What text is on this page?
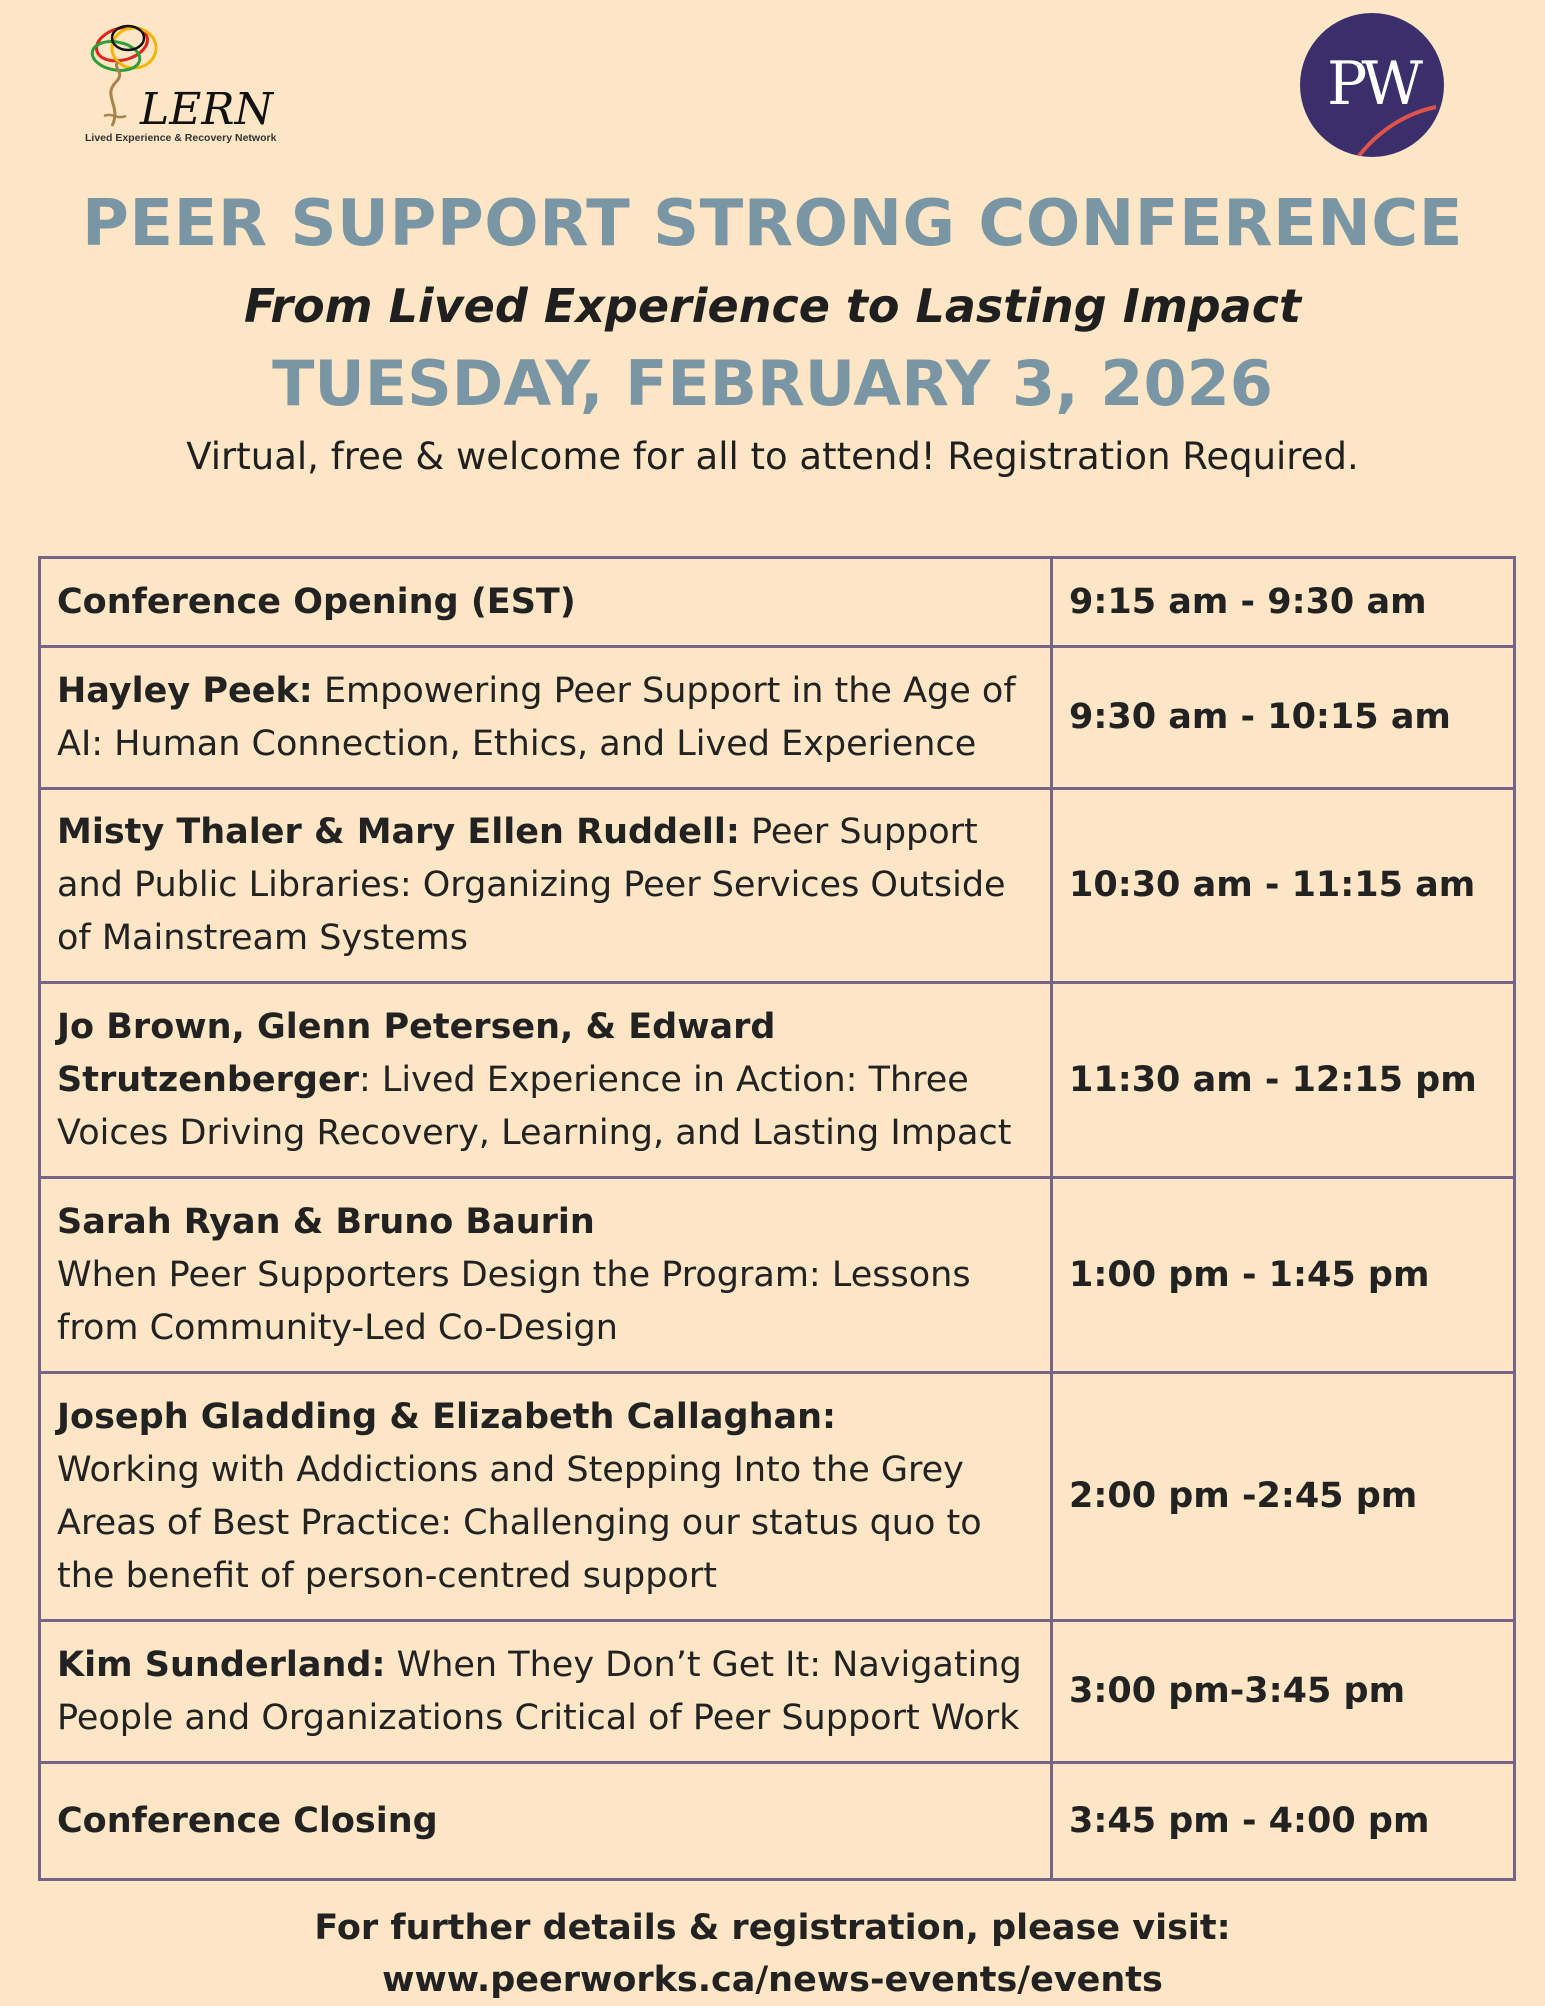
LERN
Lived Experience & Recovery Network
PW
PEER SUPPORT STRONG CONFERENCE
From Lived Experience to Lasting Impact
TUESDAY, FEBRUARY 3, 2026
Virtual, free & welcome for all to attend! Registration Required.
Conference Opening (EST)	9:15 am - 9:30 am
Hayley Peek: Empowering Peer Support in the Age of AI: Human Connection, Ethics, and Lived Experience	9:30 am - 10:15 am
Misty Thaler & Mary Ellen Ruddell: Peer Support and Public Libraries: Organizing Peer Services Outside of Mainstream Systems	10:30 am - 11:15 am
Jo Brown, Glenn Petersen, & Edward Strutzenberger: Lived Experience in Action: Three Voices Driving Recovery, Learning, and Lasting Impact	11:30 am - 12:15 pm
Sarah Ryan & Bruno Baurin
When Peer Supporters Design the Program: Lessons from Community-Led Co-Design	1:00 pm - 1:45 pm
Joseph Gladding & Elizabeth Callaghan:
Working with Addictions and Stepping Into the Grey Areas of Best Practice: Challenging our status quo to the benefit of person-centred support	2:00 pm -2:45 pm
Kim Sunderland: When They Don’t Get It: Navigating People and Organizations Critical of Peer Support Work	3:00 pm-3:45 pm
Conference Closing	3:45 pm - 4:00 pm
For further details & registration, please visit:
www.peerworks.ca/news-events/events
